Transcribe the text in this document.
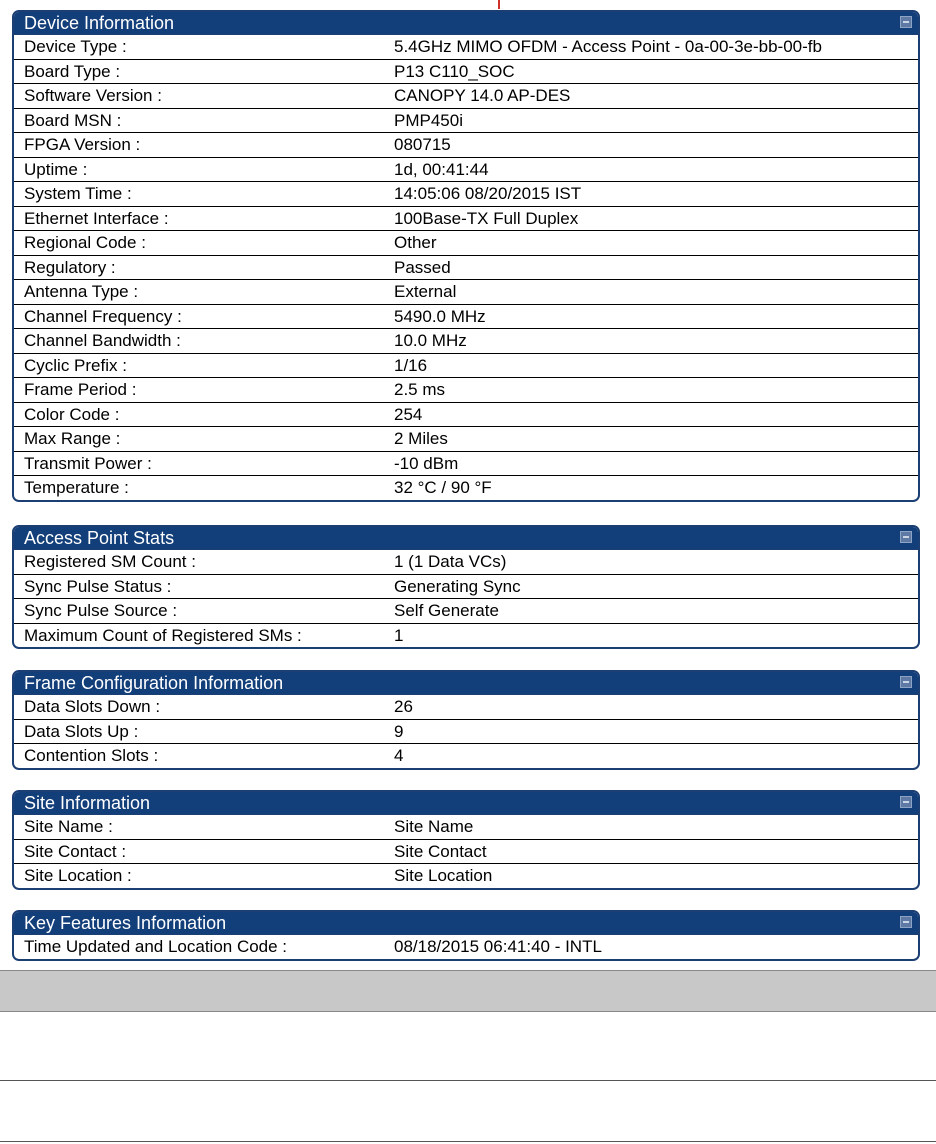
Device Information
Device Type :	5.4GHz MIMO OFDM - Access Point - 0a-00-3e-bb-00-fb
Board Type :	P13 C110_SOC
Software Version :	CANOPY 14.0 AP-DES
Board MSN :	PMP450i
FPGA Version :	080715
Uptime :	1d, 00:41:44
System Time :	14:05:06 08/20/2015 IST
Ethernet Interface :	100Base-TX Full Duplex
Regional Code :	Other
Regulatory :	Passed
Antenna Type :	External
Channel Frequency :	5490.0 MHz
Channel Bandwidth :	10.0 MHz
Cyclic Prefix :	1/16
Frame Period :	2.5 ms
Color Code :	254
Max Range :	2 Miles
Transmit Power :	-10 dBm
Temperature :	32 °C / 90 °F
Access Point Stats
Registered SM Count :	1 (1 Data VCs)
Sync Pulse Status :	Generating Sync
Sync Pulse Source :	Self Generate
Maximum Count of Registered SMs :	1
Frame Configuration Information
Data Slots Down :	26
Data Slots Up :	9
Contention Slots :	4
Site Information
Site Name :	Site Name
Site Contact :	Site Contact
Site Location :	Site Location
Key Features Information
Time Updated and Location Code :	08/18/2015 06:41:40 - INTL
